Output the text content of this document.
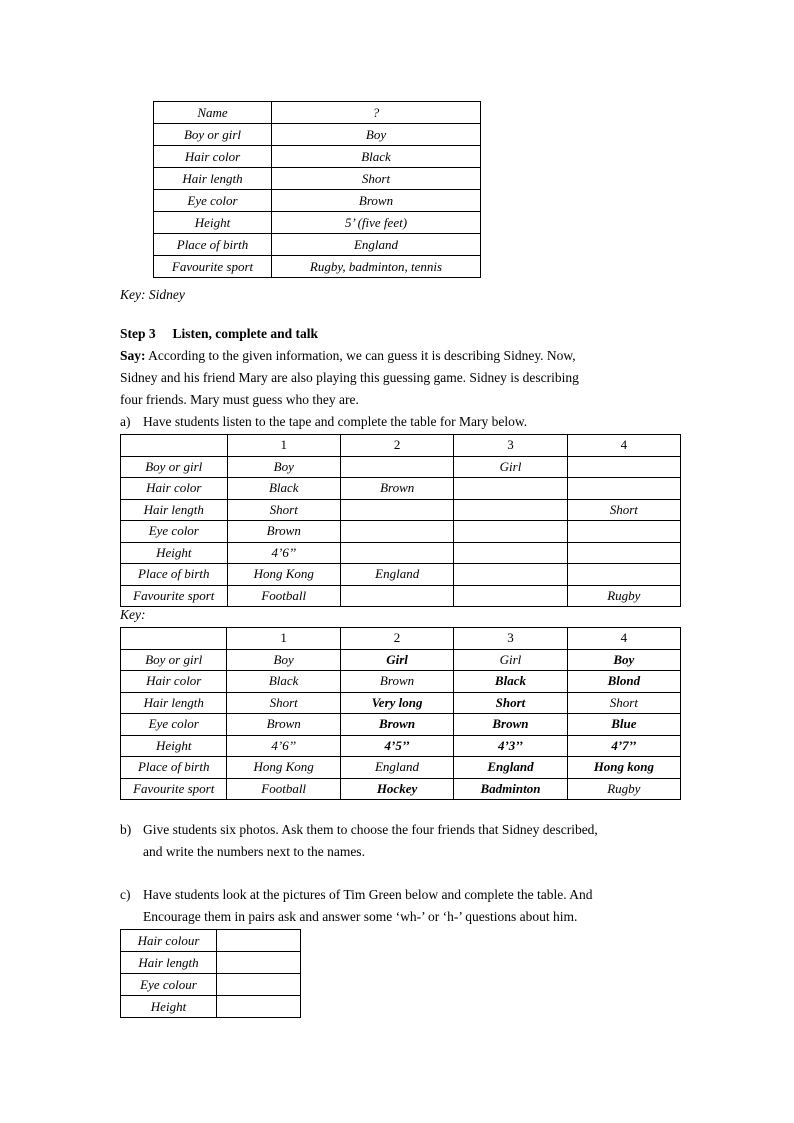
Name	?
Boy or girl	Boy
Hair color	Black
Hair length	Short
Eye color	Brown
Height	5’ (five feet)
Place of birth	England
Favourite sport	Rugby, badminton, tennis
Key: Sidney
Step 3 Listen, complete and talk
Say: According to the given information, we can guess it is describing Sidney. Now,
Sidney and his friend Mary are also playing this guessing game. Sidney is describing
four friends. Mary must guess who they are.
a) Have students listen to the tape and complete the table for Mary below.
	1	2	3	4
Boy or girl	Boy		Girl	
Hair color	Black	Brown		
Hair length	Short			Short
Eye color	Brown			
Height	4’6’’			
Place of birth	Hong Kong	England		
Favourite sport	Football			Rugby
Key:
	1	2	3	4
Boy or girl	Boy	Girl	Girl	Boy
Hair color	Black	Brown	Black	Blond
Hair length	Short	Very long	Short	Short
Eye color	Brown	Brown	Brown	Blue
Height	4’6’’	4’5’’	4’3’’	4’7’’
Place of birth	Hong Kong	England	England	Hong kong
Favourite sport	Football	Hockey	Badminton	Rugby
b) Give students six photos. Ask them to choose the four friends that Sidney described,
and write the numbers next to the names.
c) Have students look at the pictures of Tim Green below and complete the table. And
Encourage them in pairs ask and answer some ‘wh-’ or ‘h-’ questions about him.
Hair colour	
Hair length	
Eye colour	
Height	
